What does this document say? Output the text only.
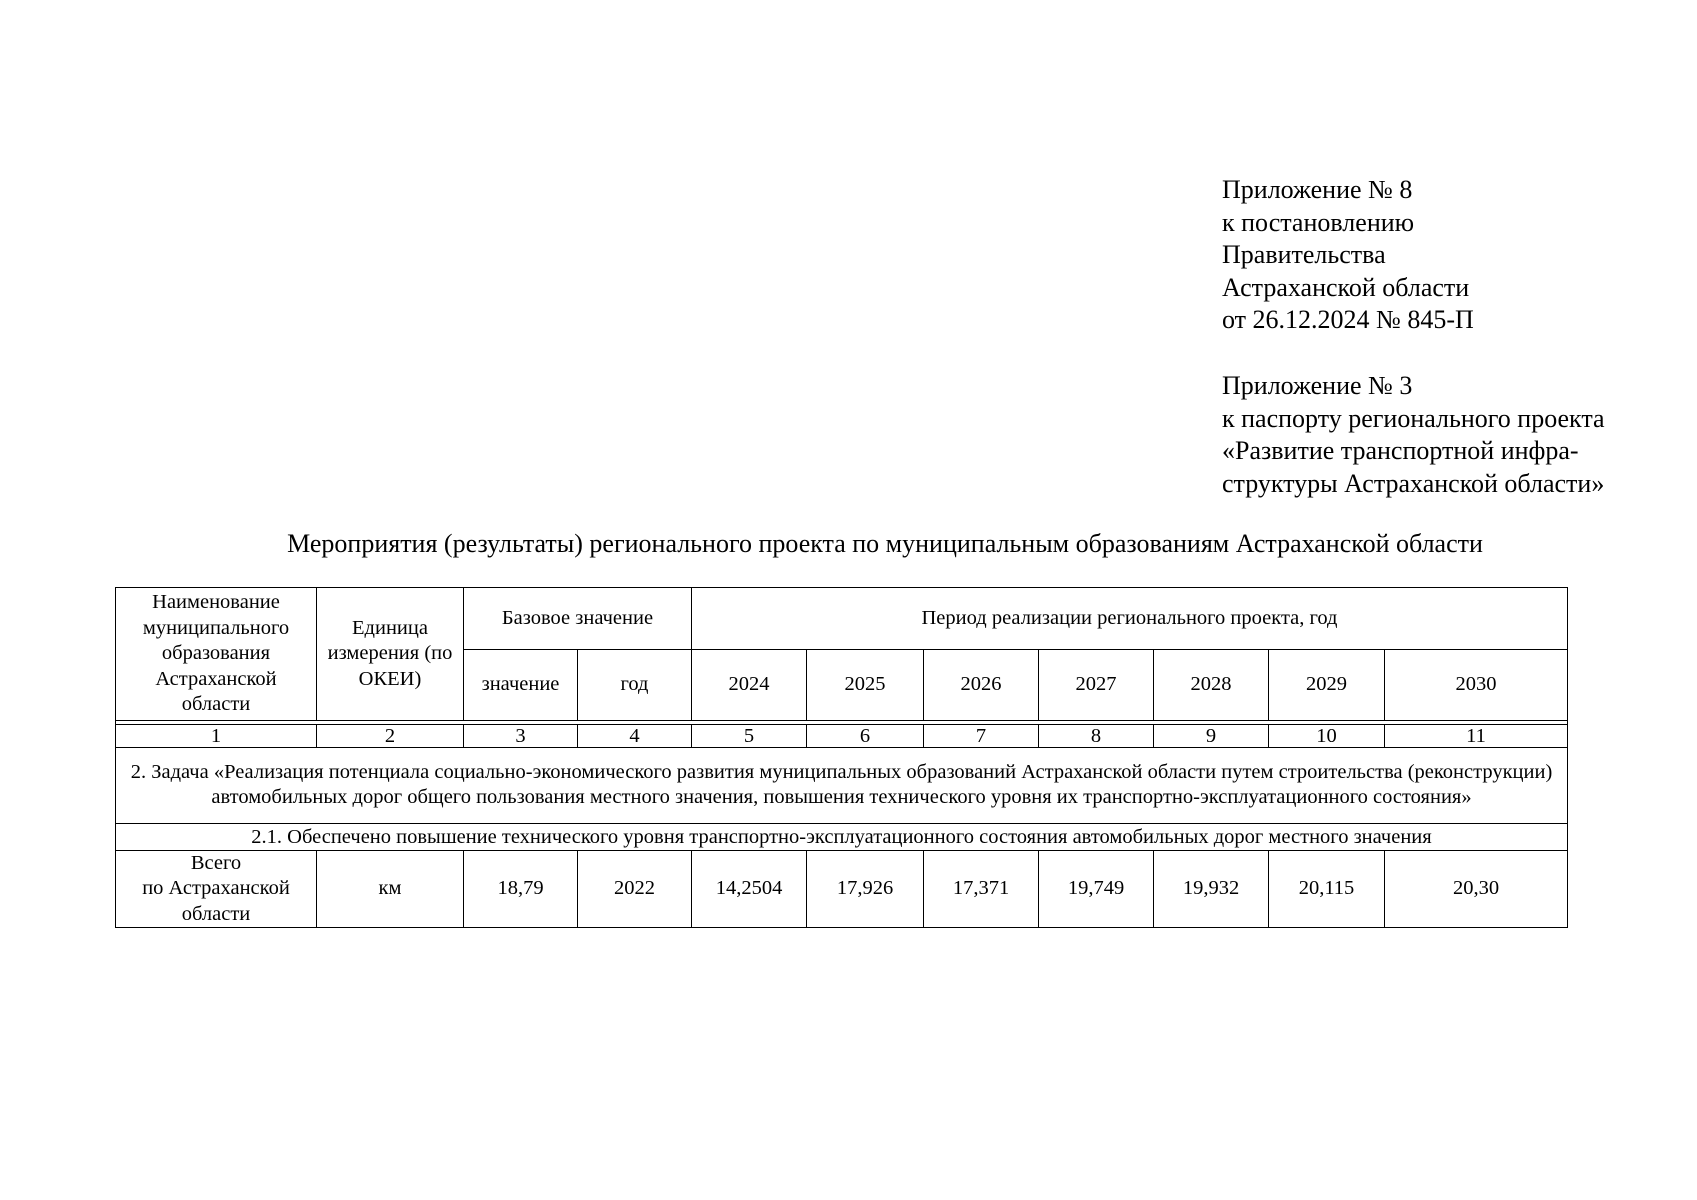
Приложение № 8
к постановлению
Правительства
Астраханской области
от 26.12.2024 № 845-П
Приложение № 3
к паспорту регионального проекта
«Развитие транспортной инфра-
структуры Астраханской области»
Мероприятия (результаты) регионального проекта по муниципальным образованиям Астраханской области
Наименование муниципального образования Астраханской области	Единица измерения (по ОКЕИ)	Базовое значение		Период реализации регионального проекта, год						
		значение	год	2024	2025	2026	2027	2028	2029	2030

1	2	3	4	5	6	7	8	9	10	11
2. Задача «Реализация потенциала социально-экономического развития муниципальных образований Астраханской области путем строительства (реконструкции) автомобильных дорог общего пользования местного значения, повышения технического уровня их транспортно-эксплуатационного состояния»										
2.1. Обеспечено повышение технического уровня транспортно-эксплуатационного состояния автомобильных дорог местного значения										
Всего
по Астраханской
области	км	18,79	2022	14,2504	17,926	17,371	19,749	19,932	20,115	20,30
